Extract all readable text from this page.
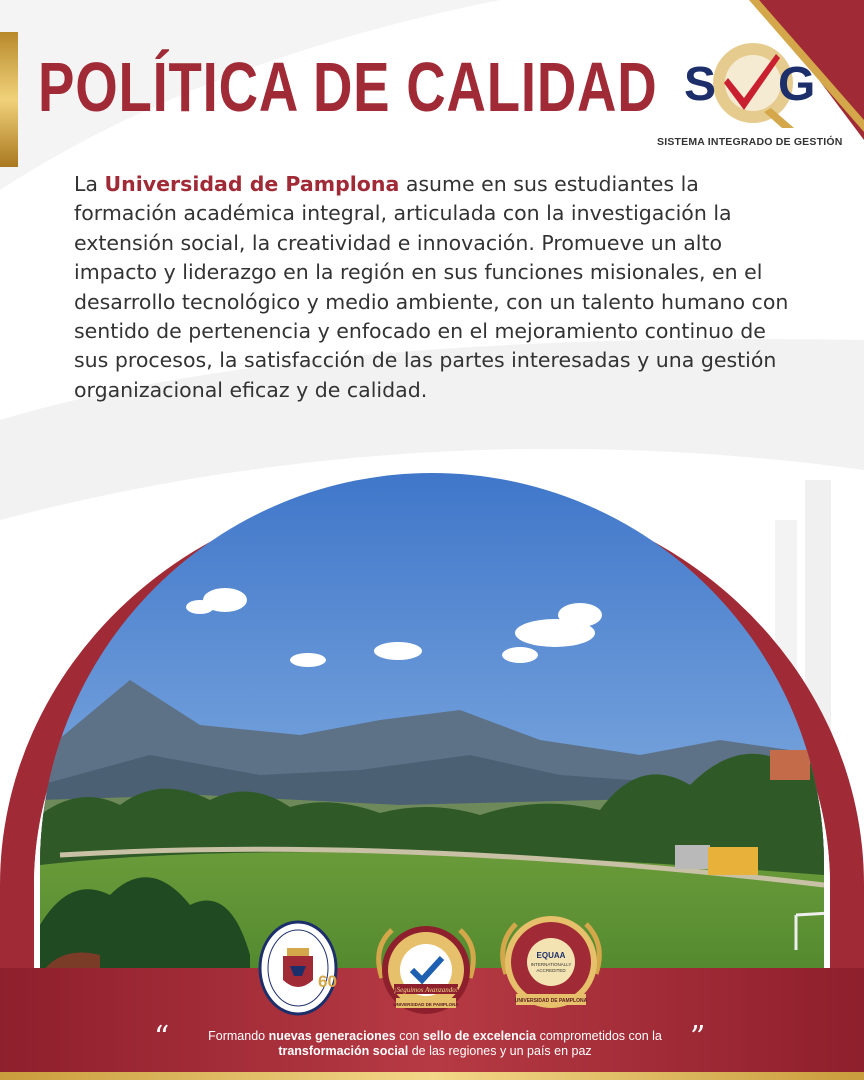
POLÍTICA DE CALIDAD S G
SISTEMA INTEGRADO DE GESTIÓN

La Universidad de Pamplona asume en sus estudiantes la formación académica integral, articulada con la investigación la extensión social, la creatividad e innovación. Promueve un alto impacto y liderazgo en la región en sus funciones misionales, en el desarrollo tecnológico y medio ambiente, con un talento humano con sentido de pertenencia y enfocado en el mejoramiento continuo de sus procesos, la satisfacción de las partes interesadas y una gestión organizacional eficaz y de calidad.

60	¡Seguimos Avanzando!
UNIVERSIDAD DE PAMPLONA
EQUAA
INTERNATIONALLY
ACCREDITED
UNIVERSIDAD DE PAMPLONA
“	”
Formando nuevas generaciones con sello de excelencia comprometidos con la transformación social de las regiones y un país en paz
